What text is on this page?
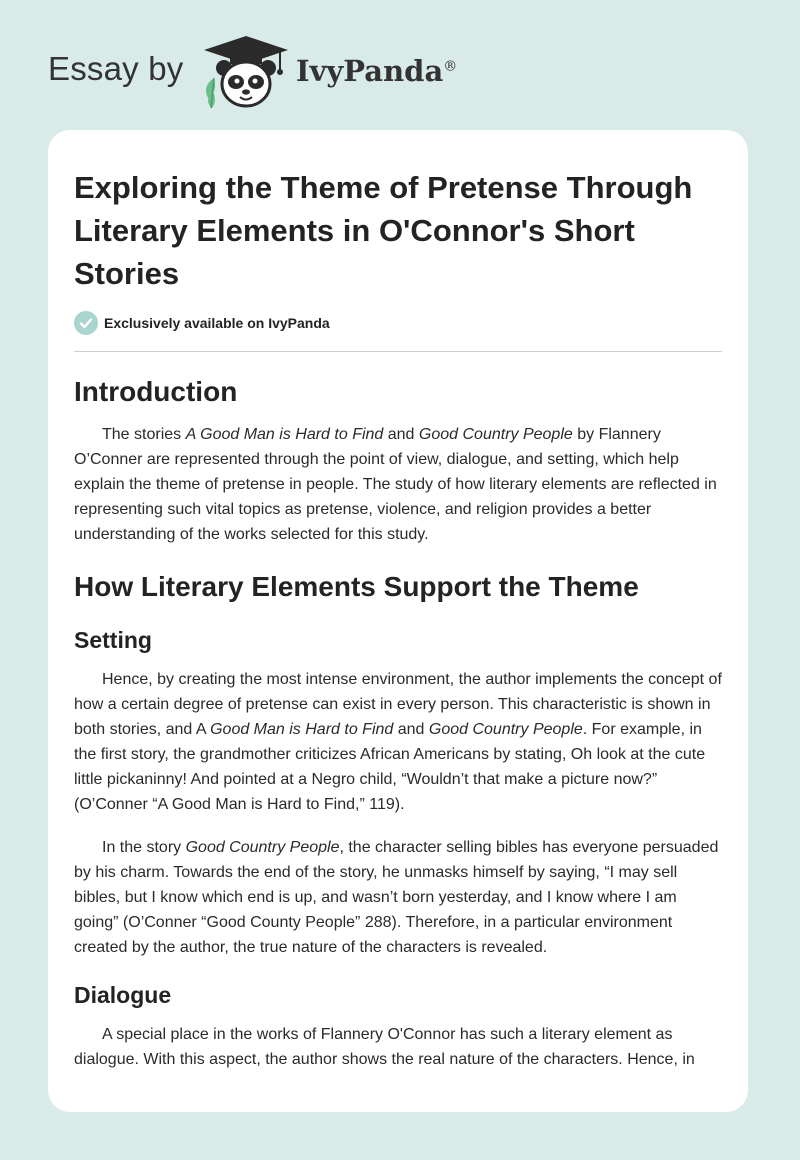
Essay by	IvyPanda®
Exploring the Theme of Pretense Through Literary Elements in O'Connor's Short Stories
Exclusively available on IvyPanda
Introduction

The stories A Good Man is Hard to Find and Good Country People by Flannery O’Conner are represented through the point of view, dialogue, and setting, which help explain the theme of pretense in people. The study of how literary elements are reflected in representing such vital topics as pretense, violence, and religion provides a better understanding of the works selected for this study.

How Literary Elements Support the Theme
Setting

Hence, by creating the most intense environment, the author implements the concept of how a certain degree of pretense can exist in every person. This characteristic is shown in both stories, and A Good Man is Hard to Find and Good Country People. For example, in the first story, the grandmother criticizes African Americans by stating, Oh look at the cute little pickaninny! And pointed at a Negro child, “Wouldn’t that make a picture now?” (O’Conner “A Good Man is Hard to Find,” 119).

In the story Good Country People, the character selling bibles has everyone persuaded by his charm. Towards the end of the story, he unmasks himself by saying, “I may sell bibles, but I know which end is up, and wasn’t born yesterday, and I know where I am going” (O’Conner “Good County People” 288). Therefore, in a particular environment created by the author, the true nature of the characters is revealed.

Dialogue

A special place in the works of Flannery O'Connor has such a literary element as dialogue. With this aspect, the author shows the real nature of the characters. Hence, in
